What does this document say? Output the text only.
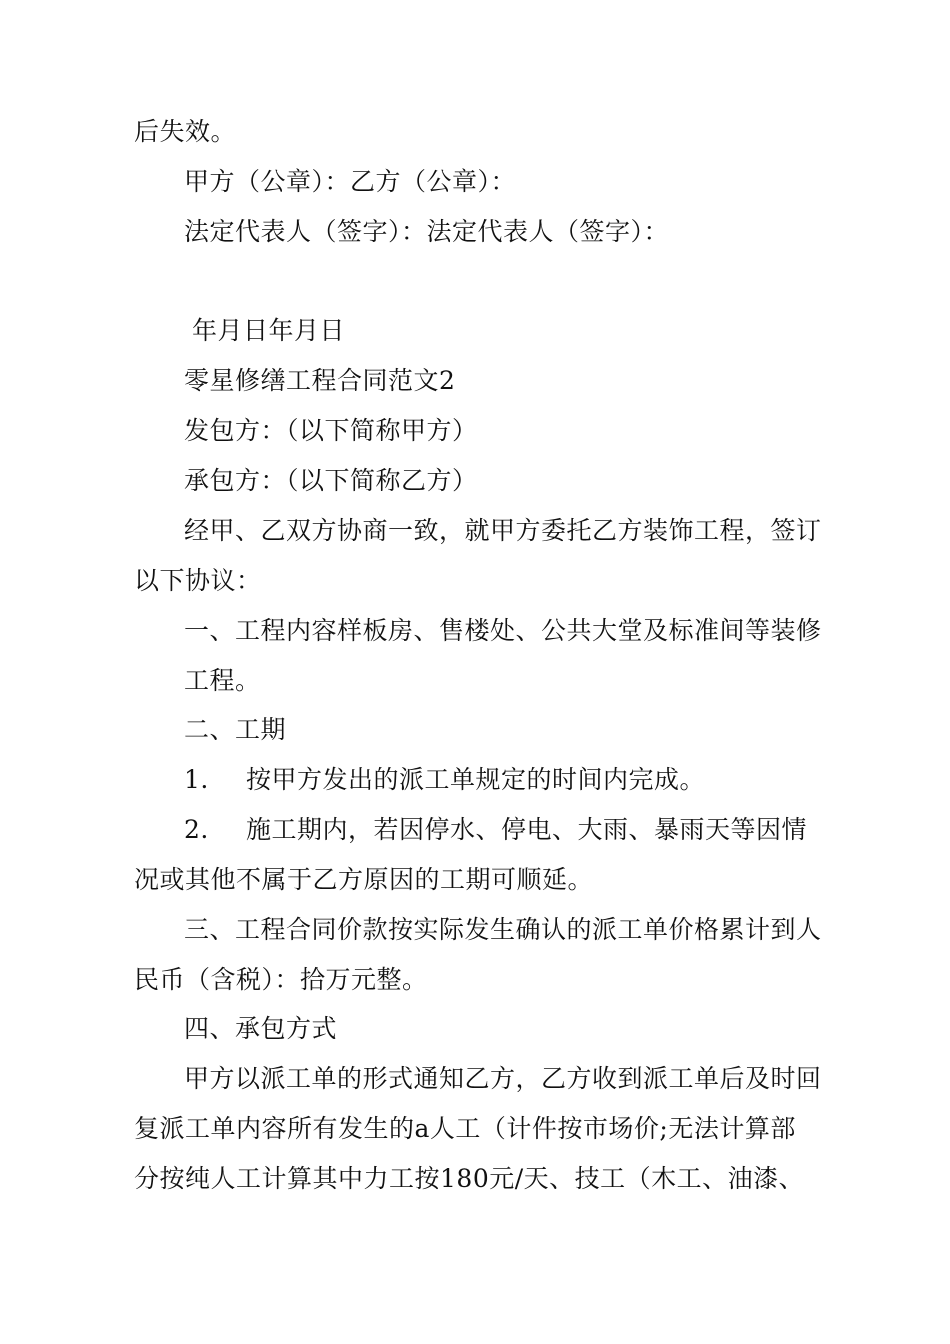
后失效。
甲方（公章）：乙方（公章）：
法定代表人（签字）：法定代表人（签字）：
年月日年月日
零星修缮工程合同范文2
发包方：（以下简称甲方）
承包方：（以下简称乙方）
经甲、乙双方协商一致，就甲方委托乙方装饰工程，签订
以下协议：
一、工程内容样板房、售楼处、公共大堂及标准间等装修
工程。
二、工期
1. 按甲方发出的派工单规定的时间内完成。
2. 施工期内，若因停水、停电、大雨、暴雨天等因情
况或其他不属于乙方原因的工期可顺延。
三、工程合同价款按实际发生确认的派工单价格累计到人
民币（含税）：拾万元整。
四、承包方式
甲方以派工单的形式通知乙方，乙方收到派工单后及时回
复派工单内容所有发生的a人工（计件按市场价;无法计算部
分按纯人工计算其中力工按180元/天、技工（木工、油漆、
